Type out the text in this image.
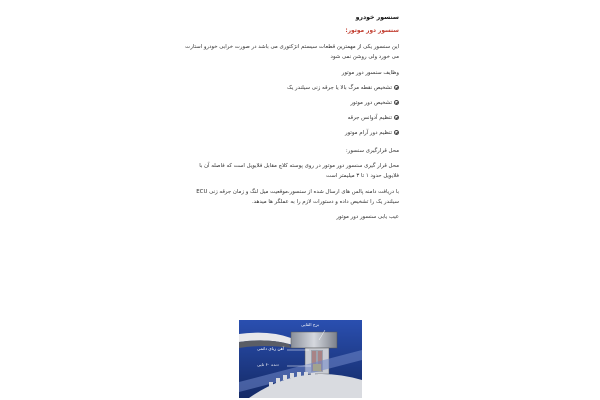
سنسور خودرو
سنسور دور موتور:
این سنسور یکی از مهمترین قطعات سیستم انژکتوری می باشد در صورت خرابی خودرو استارت
می خورد ولی روشن نمی شود
وظایف سنسور دور موتور
تشخیص نقطه مرگ بالا یا جرقه زنی سیلندر یک
تشخیص دور موتور
تنظیم آدوانس جرقه
تنظیم دور آرام موتور
محل قرارگیری سنسور:
محل قرار گیری سنسور دور موتور در روی پوسته کلاچ مقابل فلایویل است که فاصله آن با
فلایویل حدود ۱ تا ۳ میلیمتر است
ECU با دریافت دامنه پالس های ارسال شده از سنسور،موقعیت میل لنگ و زمان جرقه زنی
سیلندر یک را تشخیص داده و دستورات لازم را به عملگر ها میدهد.
عیب یابی سنسور دور موتور
برج القایی
آهن ربای دائمی
دنده ۶۰ تایی
